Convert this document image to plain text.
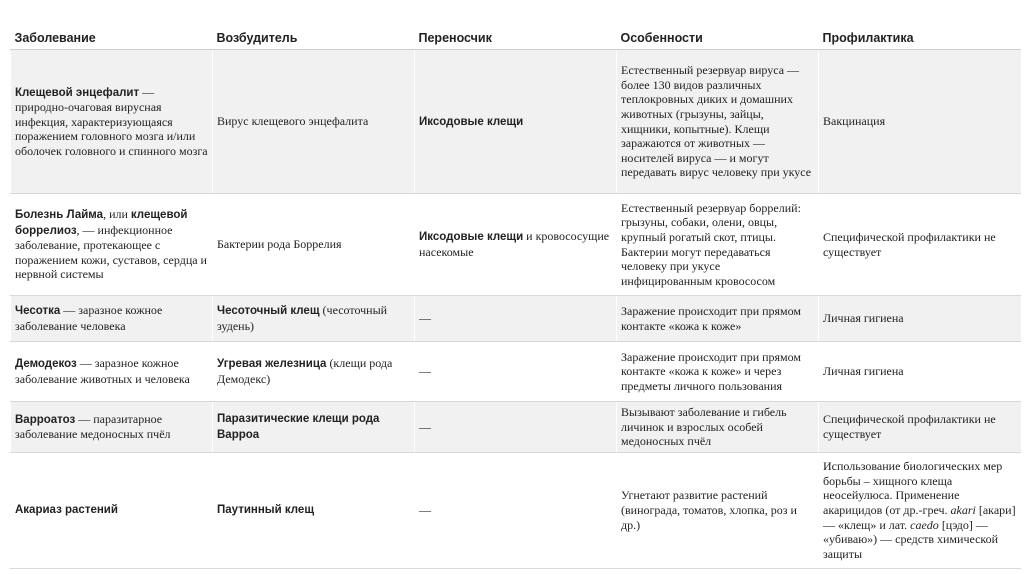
Заболевание	Возбудитель	Переносчик	Особенности	Профилактика
Клещевой энцефалит — природно-очаговая вирусная инфекция, характеризующаяся поражением головного мозга и/или оболочек головного и спинного мозга	Вирус клещевого энцефалита	Иксодовые клещи	Естественный резервуар вируса — более 130 видов различных теплокровных диких и домашних животных (грызуны, зайцы, хищники, копытные). Клещи заражаются от животных — носителей вируса — и могут передавать вирус человеку при укусе	Вакцинация
Болезнь Лайма, или клещевой боррелиоз, — инфекционное заболевание, протекающее с поражением кожи, суставов, сердца и нервной системы	Бактерии рода Боррелия	Иксодовые клещи и кровососущие насекомые	Естественный резервуар боррелий: грызуны, собаки, олени, овцы, крупный рогатый скот, птицы. Бактерии могут передаваться человеку при укусе инфицированным кровососом	Специфической профилактики не существует
Чесотка — заразное кожное заболевание человека	Чесоточный клещ (чесоточный зудень)	—	Заражение происходит при прямом контакте «кожа к коже»	Личная гигиена
Демодекоз — заразное кожное заболевание животных и человека	Угревая железница (клещи рода Демодекс)	—	Заражение происходит при прямом контакте «кожа к коже» и через предметы личного пользования	Личная гигиена
Варроатоз — паразитарное заболевание медоносных пчёл	Паразитические клещи рода Варроа	—	Вызывают заболевание и гибель личинок и взрослых особей медоносных пчёл	Специфической профилактики не существует
Акариаз растений	Паутинный клещ	—	Угнетают развитие растений (винограда, томатов, хлопка, роз и др.)	Использование биологических мер борьбы – хищного клеща неосейулюса. Применение акарицидов (от др.-греч. akari [акари] — «клещ» и лат. caedo [цэдо] — «убиваю») — средств химической защиты
